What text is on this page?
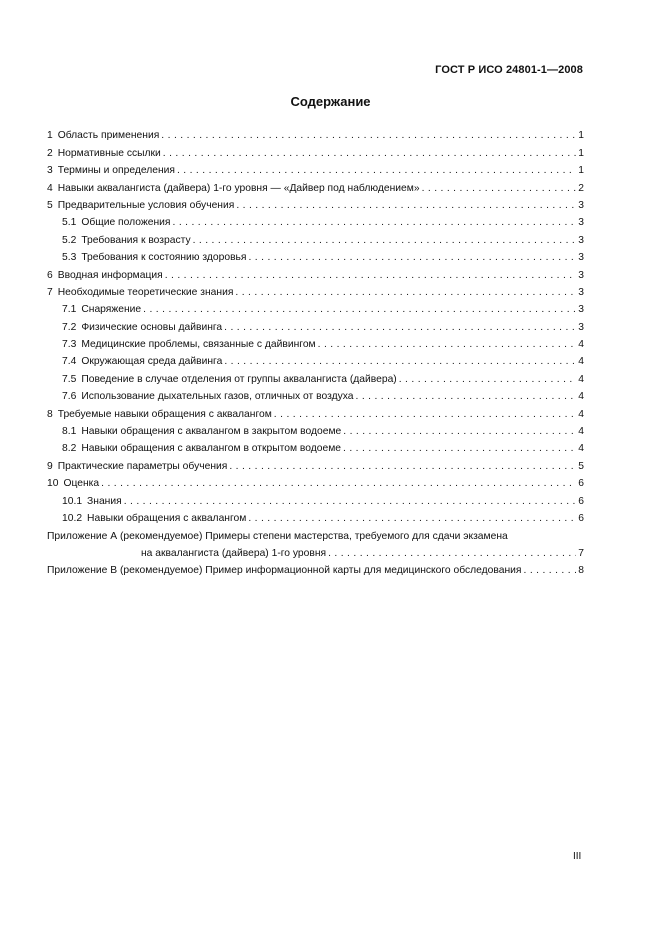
ГОСТ Р ИСО 24801-1—2008
Содержание
1 Область применения . . .	1
2 Нормативные ссылки . . .	1
3 Термины и определения . . .	1
4 Навыки аквалангиста (дайвера) 1-го уровня — «Дайвер под наблюдением» . . .	2
5 Предварительные условия обучения . . .	3
5.1 Общие положения . . .	3
5.2 Требования к возрасту . . .	3
5.3 Требования к состоянию здоровья . . .	3
6 Вводная информация . . .	3
7 Необходимые теоретические знания . . .	3
7.1 Снаряжение . . .	3
7.2 Физические основы дайвинга . . .	3
7.3 Медицинские проблемы, связанные с дайвингом . . .	4
7.4 Окружающая среда дайвинга . . .	4
7.5 Поведение в случае отделения от группы аквалангиста (дайвера) . . .	4
7.6 Использование дыхательных газов, отличных от воздуха . . .	4
8 Требуемые навыки обращения с аквалангом . . .	4
8.1 Навыки обращения с аквалангом в закрытом водоеме . . .	4
8.2 Навыки обращения с аквалангом в открытом водоеме . . .	4
9 Практические параметры обучения . . .	5
10 Оценка . . .	6
10.1 Знания . . .	6
10.2 Навыки обращения с аквалангом . . .	6
Приложение А (рекомендуемое) Примеры степени мастерства, требуемого для сдачи экзамена
на аквалангиста (дайвера) 1-го уровня . . .	7
Приложение В (рекомендуемое) Пример информационной карты для медицинского обследования . . .	8
III
